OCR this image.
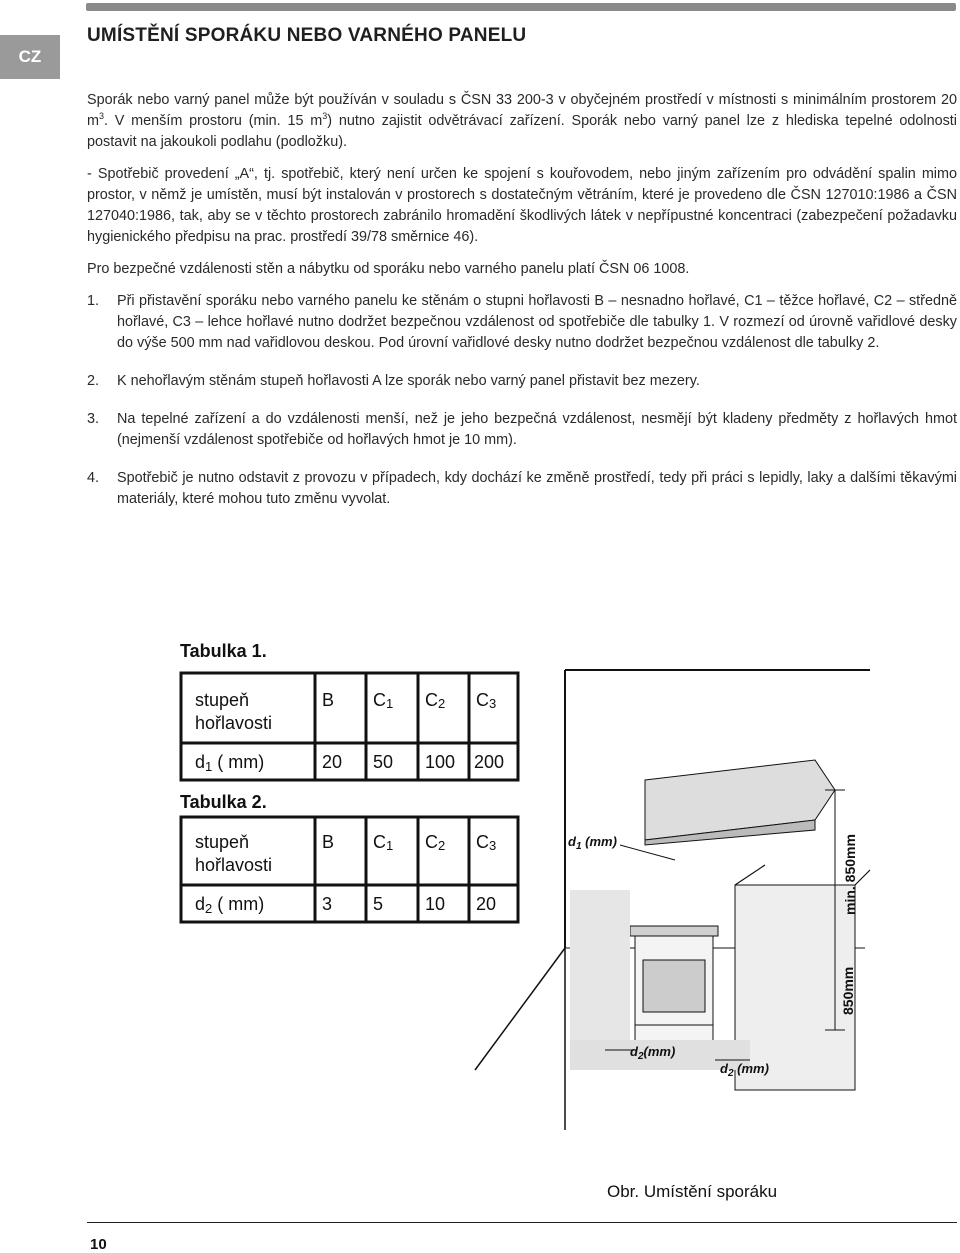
CZ
UMÍSTĚNÍ SPORÁKU NEBO VARNÉHO PANELU

Sporák nebo varný panel může být používán v souladu s ČSN 33 200-3 v obyčejném prostředí v místnosti s minimálním prostorem 20 $m^3$. V menším prostoru (min. 15 $m^3$) nutno zajistit odvětrávací zařízení. Sporák nebo varný panel lze z hlediska tepelné odolnosti postavit na jakoukoli podlahu (podložku).

- Spotřebič provedení „A“, tj. spotřebič, který není určen ke spojení s kouřovodem, nebo jiným zařízením pro odvádění spalin mimo prostor, v němž je umístěn, musí být instalován v prostorech s dostatečným větráním, které je provedeno dle ČSN 127010:1986 a ČSN 127040:1986, tak, aby se v těchto prostorech zabránilo hromadění škodlivých látek v nepřípustné koncentraci (zabezpečení požadavku hygienického předpisu na prac. prostředí 39/78 směrnice 46).

Pro bezpečné vzdálenosti stěn a nábytku od sporáku nebo varného panelu platí ČSN 06 1008.

1.	Při přistavění sporáku nebo varného panelu ke stěnám o stupni hořlavosti B – nesnadno hořlavé, C1 – těžce hořlavé, C2 – středně hořlavé, C3 – lehce hořlavé nutno dodržet bezpečnou vzdálenost od spotřebiče dle tabulky 1. V rozmezí od úrovně vařidlové desky do výše 500 mm nad vařidlovou deskou. Pod úrovní vařidlové desky nutno dodržet bezpečnou vzdálenost dle tabulky 2.
2.	K nehořlavým stěnám stupeň hořlavosti A lze sporák nebo varný panel přistavit bez mezery.
3.	Na tepelné zařízení a do vzdálenosti menší, než je jeho bezpečná vzdálenost, nesmějí být kladeny předměty z hořlavých hmot (nejmenší vzdálenost spotřebiče od hořlavých hmot je 10 mm).
4.	Spotřebič je nutno odstavit z provozu v případech, kdy dochází ke změně prostředí, tedy při práci s lepidly, laky a dalšími těkavými materiály, které mohou tuto změnu vyvolat.
Tabulka 1.
stupeň
hořlavosti
B C1 C2 C3
d1 ( mm)	20 50 100 200
Tabulka 2.
stupeň
hořlavosti
B C1 C2 C3
d2 ( mm)	3 5 10 20
$d_1$ (mm)	min. 850mm
850mm
$d_2(mm)$
$d_2$ (mm)
Obr. Umístění sporáku
10
